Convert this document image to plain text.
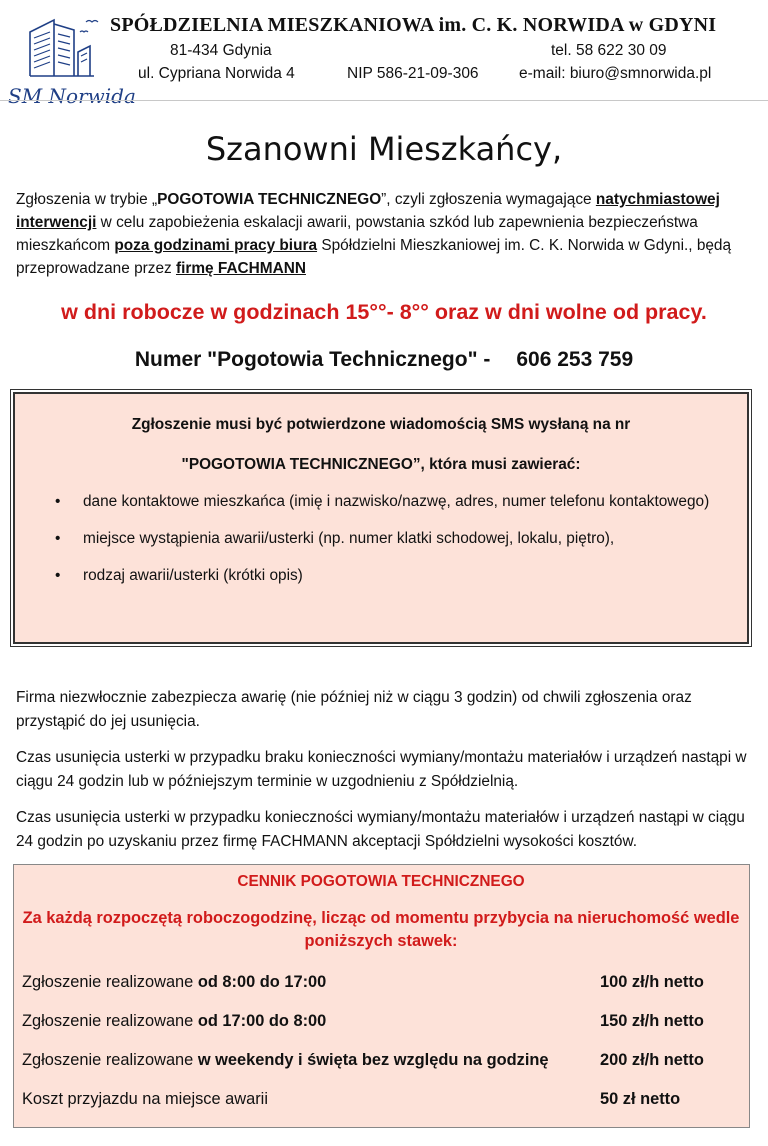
SM Norwida
SPÓŁDZIELNIA MIESZKANIOWA im. C. K. NORWIDA w GDYNI
81-434 Gdynia	tel. 58 622 30 09
ul. Cypriana Norwida 4	NIP 586-21-09-306	e-mail: biuro@smnorwida.pl
Szanowni Mieszkańcy,
Zgłoszenia w trybie „POGOTOWIA TECHNICZNEGO”, czyli zgłoszenia wymagające natychmiastowej interwencji w celu zapobieżenia eskalacji awarii, powstania szkód lub zapewnienia bezpieczeństwa mieszkańcom poza godzinami pracy biura Spółdzielni Mieszkaniowej im. C. K. Norwida w Gdyni., będą przeprowadzane przez firmę FACHMANN
w dni robocze w godzinach 15°°- 8°° oraz w dni wolne od pracy.
Numer "Pogotowia Technicznego" - 606 253 759
Zgłoszenie musi być potwierdzone wiadomością SMS wysłaną na nr
"POGOTOWIA TECHNICZNEGO”, która musi zawierać:
• dane kontaktowe mieszkańca (imię i nazwisko/nazwę, adres, numer telefonu kontaktowego)
• miejsce wystąpienia awarii/usterki (np. numer klatki schodowej, lokalu, piętro),
• rodzaj awarii/usterki (krótki opis)
Firma niezwłocznie zabezpiecza awarię (nie później niż w ciągu 3 godzin) od chwili zgłoszenia oraz przystąpić do jej usunięcia.
Czas usunięcia usterki w przypadku braku konieczności wymiany/montażu materiałów i urządzeń nastąpi w ciągu 24 godzin lub w późniejszym terminie w uzgodnieniu z Spółdzielnią.
Czas usunięcia usterki w przypadku konieczności wymiany/montażu materiałów i urządzeń nastąpi w ciągu 24 godzin po uzyskaniu przez firmę FACHMANN akceptacji Spółdzielni wysokości kosztów.
CENNIK POGOTOWIA TECHNICZNEGO
Za każdą rozpoczętą roboczogodzinę, licząc od momentu przybycia na nieruchomość wedle poniższych stawek:
Zgłoszenie realizowane od 8:00 do 17:00	100 zł/h netto
Zgłoszenie realizowane od 17:00 do 8:00	150 zł/h netto
Zgłoszenie realizowane w weekendy i święta bez względu na godzinę	200 zł/h netto
Koszt przyjazdu na miejsce awarii	50 zł netto
